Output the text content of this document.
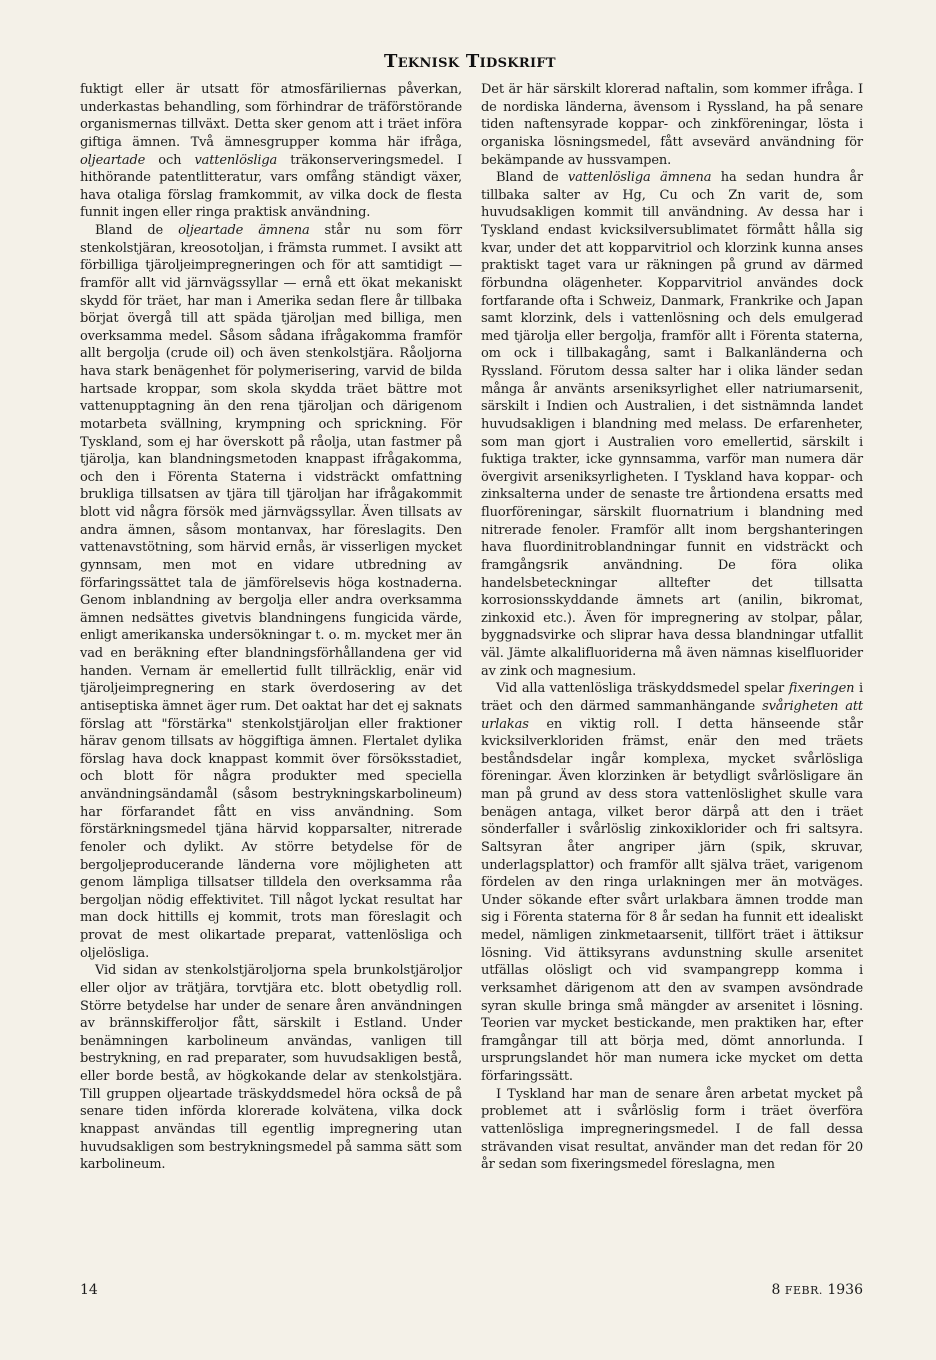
Teknisk Tidskrift

fuktigt eller är utsatt för atmosfäriliernas påverkan, underkastas behandling, som förhindrar de träförstörande organismernas tillväxt. Detta sker genom att i träet införa giftiga ämnen. Två ämnesgrupper komma här ifråga, oljeartade och vattenlösliga träkonserveringsmedel. I hithörande patentlitteratur, vars omfång ständigt växer, hava otaliga förslag framkommit, av vilka dock de flesta funnit ingen eller ringa praktisk användning.

Bland de oljeartade ämnena står nu som förr stenkolstjäran, kreosotoljan, i främsta rummet. I avsikt att förbilliga tjäroljeimpregneringen och för att samtidigt — framför allt vid järnvägssyllar — ernå ett ökat mekaniskt skydd för träet, har man i Amerika sedan flere år tillbaka börjat övergå till att späda tjäroljan med billiga, men overksamma medel. Såsom sådana ifrågakomma framför allt bergolja (crude oil) och även stenkolstjära. Råoljorna hava stark benägenhet för polymerisering, varvid de bilda hartsade kroppar, som skola skydda träet bättre mot vattenupptagning än den rena tjäroljan och därigenom motarbeta svällning, krympning och sprickning. För Tyskland, som ej har överskott på råolja, utan fastmer på tjärolja, kan blandningsmetoden knappast ifrågakomma, och den i Förenta Staterna i vidsträckt omfattning brukliga tillsatsen av tjära till tjäroljan har ifrågakommit blott vid några försök med järnvägssyllar. Även tillsats av andra ämnen, såsom montanvax, har föreslagits. Den vattenavstötning, som härvid ernås, är visserligen mycket gynnsam, men mot en vidare utbredning av förfaringssättet tala de jämförelsevis höga kostnaderna. Genom inblandning av bergolja eller andra overksamma ämnen nedsättes givetvis blandningens fungicida värde, enligt amerikanska undersökningar t. o. m. mycket mer än vad en beräkning efter blandningsförhållandena ger vid handen. Vernam är emellertid fullt tillräcklig, enär vid tjäroljeimpregnering en stark överdosering av det antiseptiska ämnet äger rum. Det oaktat har det ej saknats förslag att "förstärka" stenkolstjäroljan eller fraktioner härav genom tillsats av högg​iftiga ämnen. Flertalet dylika förslag hava dock knappast kommit över försöksstadiet, och blott för några produkter med speciella användningsändamål (såsom bestrykningskarbolineum) har förfarandet fått en viss användning. Som förstärkningsmedel tjäna härvid kopparsalter, nitrerade fenoler och dylikt. Av större betydelse för de bergoljeproducerande länderna vore möjligheten att genom lämpliga tillsatser tilldela den overksamma råa bergoljan nödig effektivitet. Till något lyckat resultat har man dock hittills ej kommit, trots man föreslagit och provat de mest olikartade preparat, vattenlösliga och oljelösliga.

Vid sidan av stenkolstjäroljorna spela brunkolstjäroljor eller oljor av trätjära, torvtjära etc. blott obetydlig roll. Större betydelse har under de senare åren användningen av brännskifferoljor fått, särskilt i Estland. Under benämningen karbolineum användas, vanligen till bestrykning, en rad preparater, som huvudsakligen bestå, eller borde bestå, av högkokande delar av stenkolstjära. Till gruppen oljeartade träskyddsmedel höra också de på senare tiden införda klorerade kolvätena, vilka dock knappast användas till egentlig impregnering utan huvudsakligen som bestrykningsmedel på samma sätt som karbolineum.

Det är här särskilt klorerad naftalin, som kommer ifråga. I de nordiska länderna, ävensom i Ryssland, ha på senare tiden naftensyrade koppar- och zinkföreningar, lösta i organiska lösningsmedel, fått avsevärd användning för bekämpande av hussvampen.

Bland de vattenlösliga ämnena ha sedan hundra år tillbaka salter av Hg, Cu och Zn varit de, som huvudsakligen kommit till användning. Av dessa har i Tyskland endast kvicksilversublimatet förmått hålla sig kvar, under det att kopparvitriol och klorzink kunna anses praktiskt taget vara ur räkningen på grund av därmed förbundna olägenheter. Kopparvitriol användes dock fortfarande ofta i Schweiz, Danmark, Frankrike och Japan samt klorzink, dels i vattenlösning och dels emulgerad med tjärolja eller bergolja, framför allt i Förenta staterna, om ock i tillbakagång, samt i Balkanländerna och Ryssland. Förutom dessa salter har i olika länder sedan många år använts arseniksyrlighet eller natriumarsenit, särskilt i Indien och Australien, i det sistnämnda landet huvudsakligen i blandning med melass. De erfarenheter, som man gjort i Australien voro emellertid, särskilt i fuktiga trakter, icke gynnsamma, varför man numera där övergivit arseniksyrligheten. I Tyskland hava koppar- och zinksalterna under de senaste tre årtiondena ersatts med fluorföreningar, särskilt fluornatrium i blandning med nitrerade fenoler. Framför allt inom bergshanteringen hava fluordinitroblandningar funnit en vidsträckt och framgångsrik användning. De föra olika handelsbeteckningar alltefter det tillsatta korrosionsskyddande ämnets art (anilin, bikromat, zinkoxid etc.). Även för impregnering av stolpar, pålar, byggnadsvirke och sliprar hava dessa blandningar utfallit väl. Jämte alkalifluoriderna må även nämnas kiselfluorider av zink och magnesium.

Vid alla vattenlösliga träskyddsmedel spelar fixeringen i träet och den därmed sammanhängande svårigheten att urlakas en viktig roll. I detta hänseende står kvicksilverkloriden främst, enär den med träets beståndsdelar ingår komplexa, mycket svårlösliga föreningar. Även klorzinken är betydligt svårlösligare än man på grund av dess stora vattenlöslighet skulle vara benägen antaga, vilket beror därpå att den i träet sönderfaller i svårlöslig zinkoxiklorider och fri saltsyra. Saltsyran åter angriper järn (spik, skruvar, underlagsplattor) och framför allt själva träet, varigenom fördelen av den ringa urlakningen mer än motväges. Under sökande efter svårt urlakbara ämnen trodde man sig i Förenta staterna för 8 år sedan ha funnit ett idealiskt medel, nämligen zinkmetaarsenit, tillfört träet i ättiksur lösning. Vid ättiksyrans avdunstning skulle arsenitet utfällas olösligt och vid svampangrepp komma i verksamhet därigenom att den av svampen avsöndrade syran skulle bringa små mängder av arsenitet i lösning. Teorien var mycket bestickande, men praktiken har, efter framgångar till att börja med, dömt annorlunda. I ursprungslandet hör man numera icke mycket om detta förfaringssätt.

I Tyskland har man de senare åren arbetat mycket på problemet att i svårlöslig form i träet överföra vattenlösliga impregneringsmedel. I de fall dessa strävanden visat resultat, använder man det redan för 20 år sedan som fixeringsmedel föreslagna, men

14	8 FEBR. 1936
